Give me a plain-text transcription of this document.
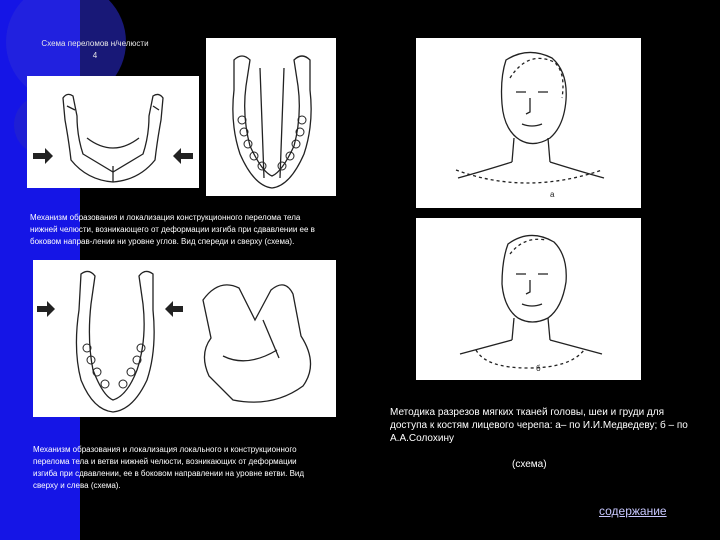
Схема переломов н/челюсти 4
Механизм образования и локализация конструкционного перелома тела нижней челюсти, возникающего от деформации изгиба при сдвавлении ее в боковом направ-лении ни уровне углов. Вид спереди и сверху (схема).
Механизм образования и локализация локального и конструкционного перелома тела и ветви нижней челюсти, возникающих от деформации изгиба при сдвавлении, ее в боковом направлении на уровне ветви. Вид сверху и слева (схема).
а
б
Методика разрезов мягких тканей головы, шеи и груди для доступа к костям лицевого черепа: а– по И.И.Медведеву; б – по А.А.Солохину
(схема)
содержание
